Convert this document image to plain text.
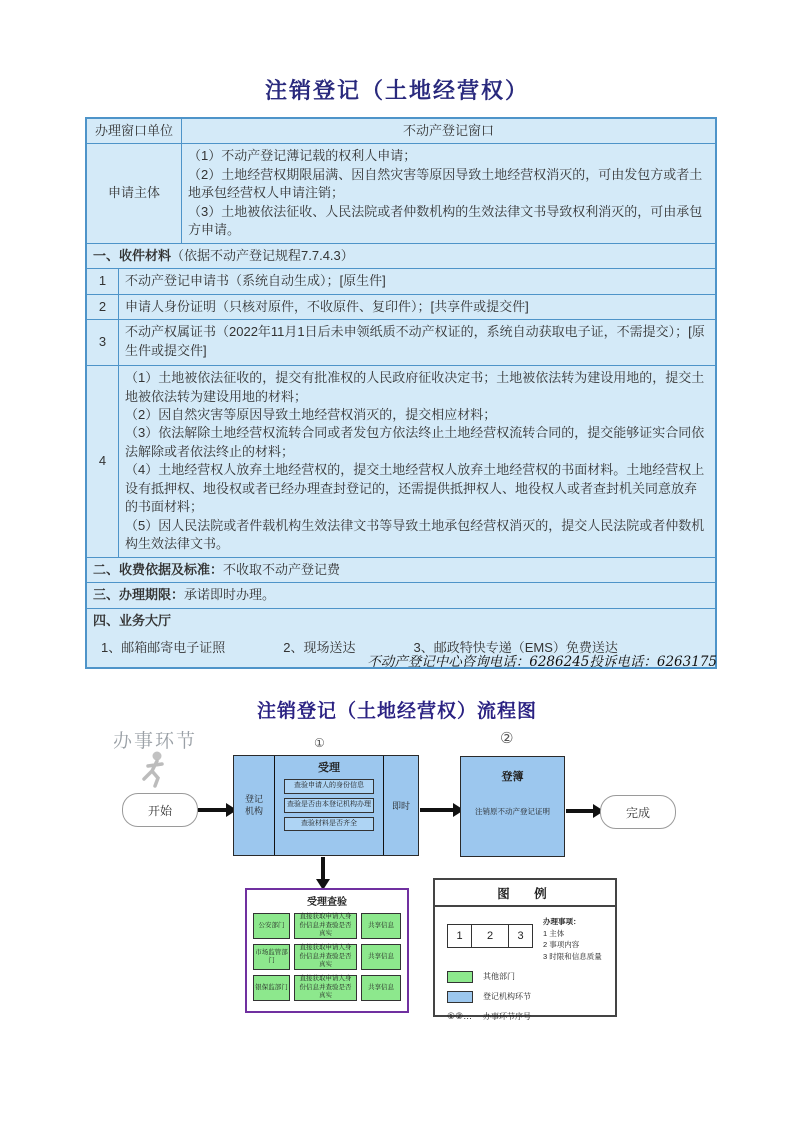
注销登记（土地经营权）
办理窗口单位	不动产登记窗口
申请主体

（1）不动产登记薄记载的权利人申请；

（2）土地经营权期限届满、因自然灾害等原因导致土地经营权消灭的，可由发包方或者土地承包经营权人申请注销；

（3）土地被依法征收、人民法院或者仲数机构的生效法律文书导致权利消灭的，可由承包方申请。

一、收件材料（依据不动产登记规程7.7.4.3）
1	不动产登记申请书（系统自动生成）；[原生件]
2	申请人身份证明（只核对原件，不收原件、复印件）；[共享件或提交件]
3
不动产权属证书（2022年11月1日后未申领纸质不动产权证的，系统自动获取电子证，不需提交）；[原生件或提交件]
4

（1）土地被依法征收的，提交有批准权的人民政府征收决定书；土地被依法转为建设用地的，提交土地被依法转为建设用地的材料；

（2）因自然灾害等原因导致土地经营权消灭的，提交相应材料；

（3）依法解除土地经营权流转合同或者发包方依法终止土地经营权流转合同的，提交能够证实合同依法解除或者依法终止的材料；

（4）土地经营权人放弃土地经营权的，提交土地经营权人放弃土地经营权的书面材料。土地经营权上设有抵押权、地役权或者已经办理查封登记的，还需提供抵押权人、地役权人或者查封机关同意放弃的书面材料；

（5）因人民法院或者件载机构生效法律文书等导致土地承包经营权消灭的，提交人民法院或者仲数机构生效法律文书。

二、收费依据及标准：不收取不动产登记费
三、办理期限：承诺即时办理。
四、业务大厅
1、邮箱邮寄电子证照	2、现场送达	3、邮政特快专递（EMS）免费送达
不动产登记中心咨询电话：6286245投诉电话：6263175
注销登记（土地经营权）流程图
办事环节	①	②
开始
登记机构
受理
查验申请人的身份信息
查验是否由本登记机构办理
查验材料是否齐全
即时
登簿
注销原不动产登记证明	完成
受理查验
公安部门
直接获取申请人身份信息并查验是否真实
共享信息
市场监管部门
直接获取申请人身份信息并查验是否真实
共享信息
银保监部门
直接获取申请人身份信息并查验是否真实
共享信息
图　例
1	2	3
办理事项：
1 主体
2 事项内容
3 时限和信息质量
其他部门
登记机构环节
①②…	办事环节序号
